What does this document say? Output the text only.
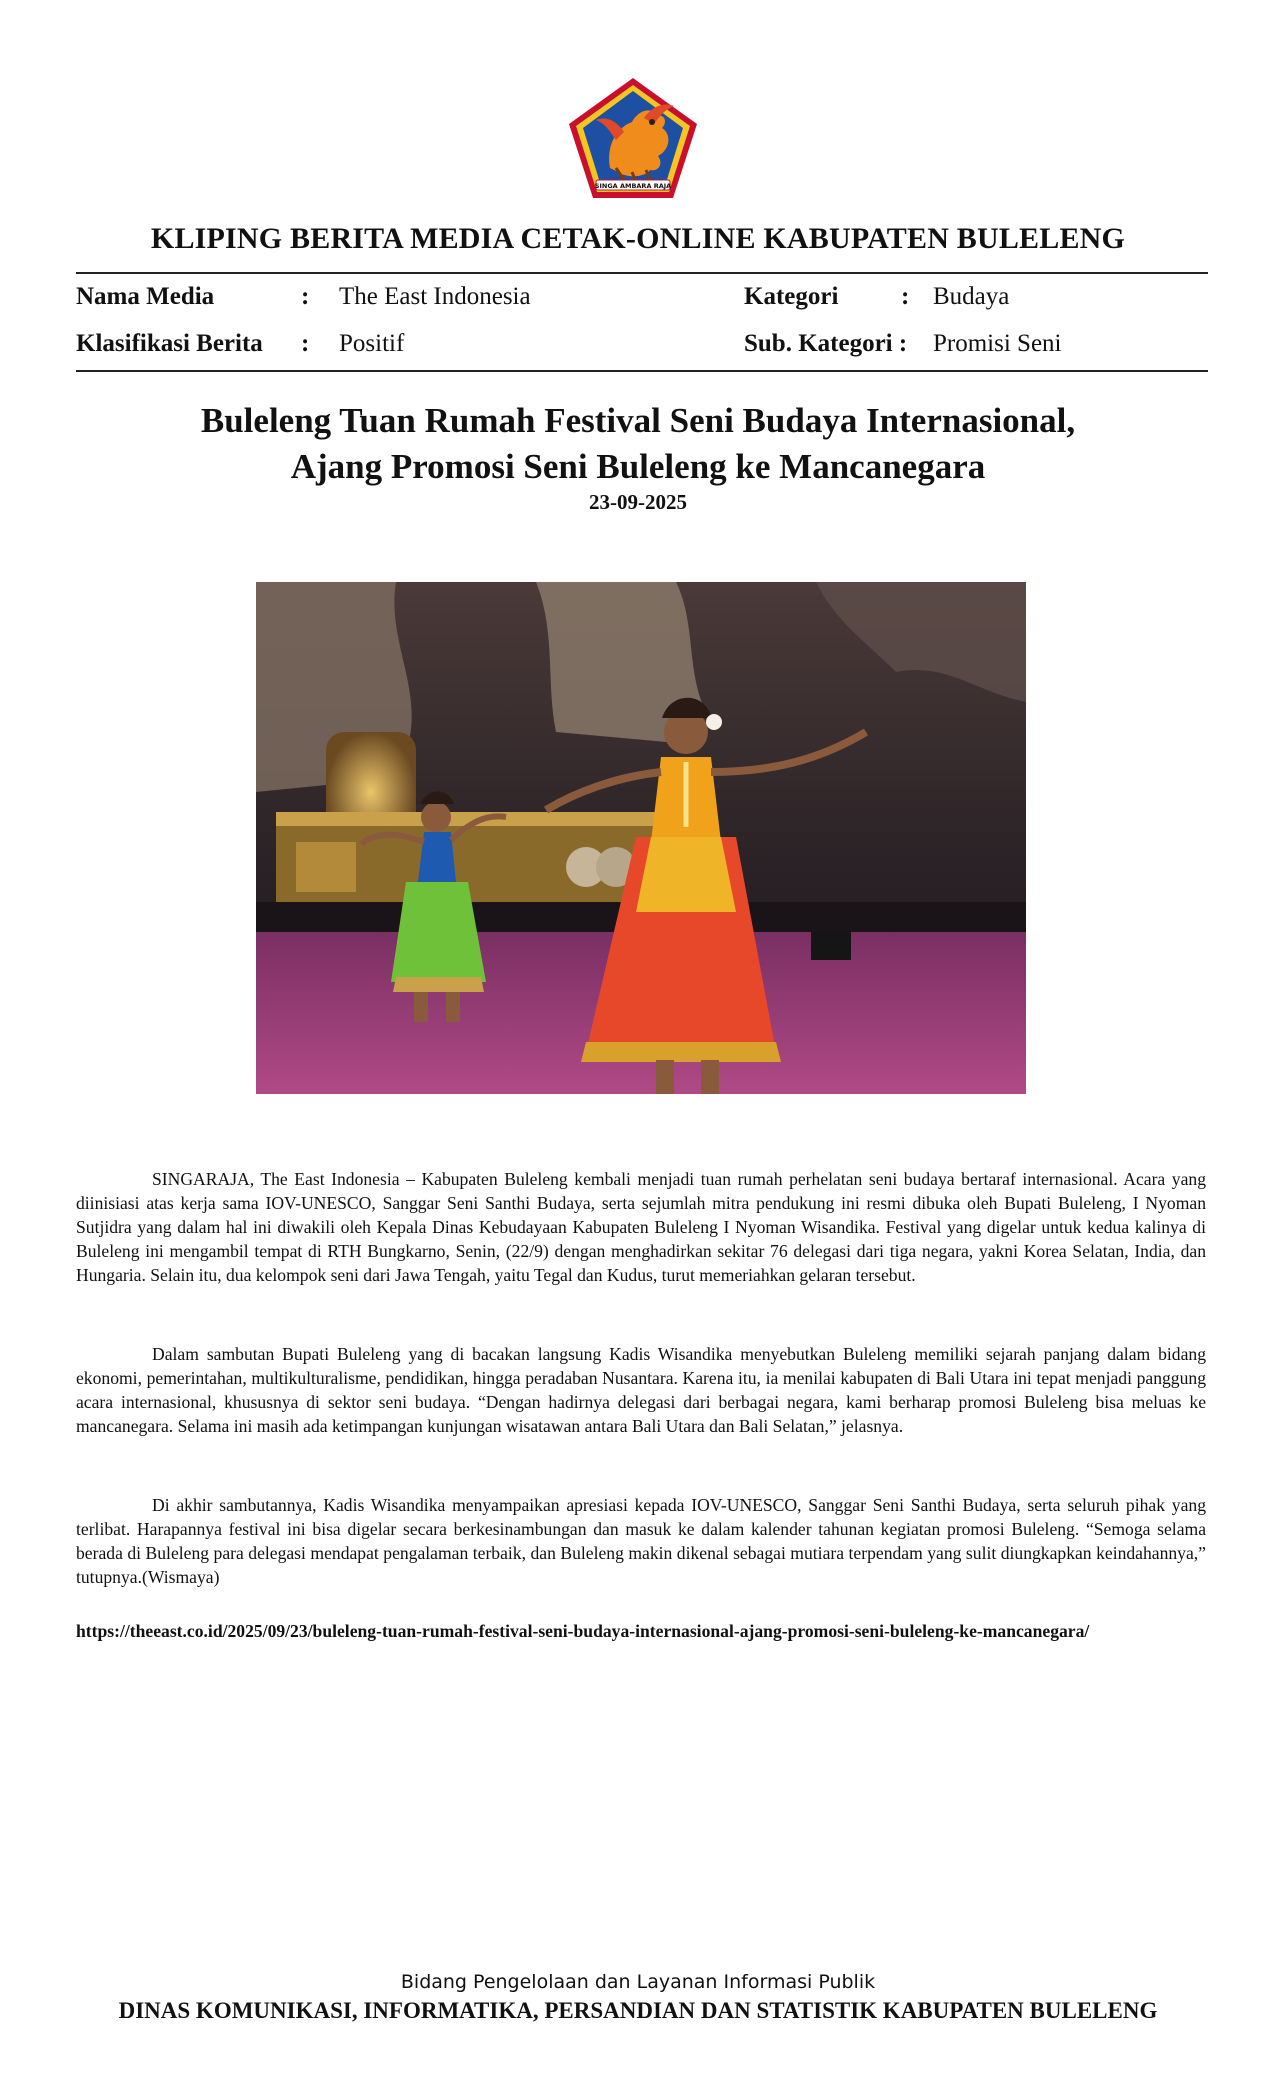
SINGA AMBARA RAJA
KLIPING BERITA MEDIA CETAK-ONLINE KABUPATEN BULELENG
Nama Media	: The East Indonesia	Kategori	: Budaya
Klasifikasi Berita : Positif	Sub. Kategori : Promisi Seni
Buleleng Tuan Rumah Festival Seni Budaya Internasional,
Ajang Promosi Seni Buleleng ke Mancanegara
23-09-2025
SINGARAJA, The East Indonesia – Kabupaten Buleleng kembali menjadi tuan rumah perhelatan seni budaya bertaraf internasional. Acara yang diinisiasi atas kerja sama IOV-UNESCO, Sanggar Seni Santhi Budaya, serta sejumlah mitra pendukung ini resmi dibuka oleh Bupati Buleleng, I Nyoman Sutjidra yang dalam hal ini diwakili oleh Kepala Dinas Kebudayaan Kabupaten Buleleng I Nyoman Wisandika. Festival yang digelar untuk kedua kalinya di Buleleng ini mengambil tempat di RTH Bungkarno, Senin, (22/9) dengan menghadirkan sekitar 76 delegasi dari tiga negara, yakni Korea Selatan, India, dan Hungaria. Selain itu, dua kelompok seni dari Jawa Tengah, yaitu Tegal dan Kudus, turut memeriahkan gelaran tersebut.
Dalam sambutan Bupati Buleleng yang di bacakan langsung Kadis Wisandika menyebutkan Buleleng memiliki sejarah panjang dalam bidang ekonomi, pemerintahan, multikulturalisme, pendidikan, hingga peradaban Nusantara. Karena itu, ia menilai kabupaten di Bali Utara ini tepat menjadi panggung acara internasional, khususnya di sektor seni budaya. “Dengan hadirnya delegasi dari berbagai negara, kami berharap promosi Buleleng bisa meluas ke mancanegara. Selama ini masih ada ketimpangan kunjungan wisatawan antara Bali Utara dan Bali Selatan,” jelasnya.
Di akhir sambutannya, Kadis Wisandika menyampaikan apresiasi kepada IOV-UNESCO, Sanggar Seni Santhi Budaya, serta seluruh pihak yang terlibat. Harapannya festival ini bisa digelar secara berkesinambungan dan masuk ke dalam kalender tahunan kegiatan promosi Buleleng. “Semoga selama berada di Buleleng para delegasi mendapat pengalaman terbaik, dan Buleleng makin dikenal sebagai mutiara terpendam yang sulit diungkapkan keindahannya,” tutupnya.(Wismaya)
https://theeast.co.id/2025/09/23/buleleng-tuan-rumah-festival-seni-budaya-internasional-ajang-promosi-seni-buleleng-ke-mancanegara/
Bidang Pengelolaan dan Layanan Informasi Publik
DINAS KOMUNIKASI, INFORMATIKA, PERSANDIAN DAN STATISTIK KABUPATEN BULELENG
